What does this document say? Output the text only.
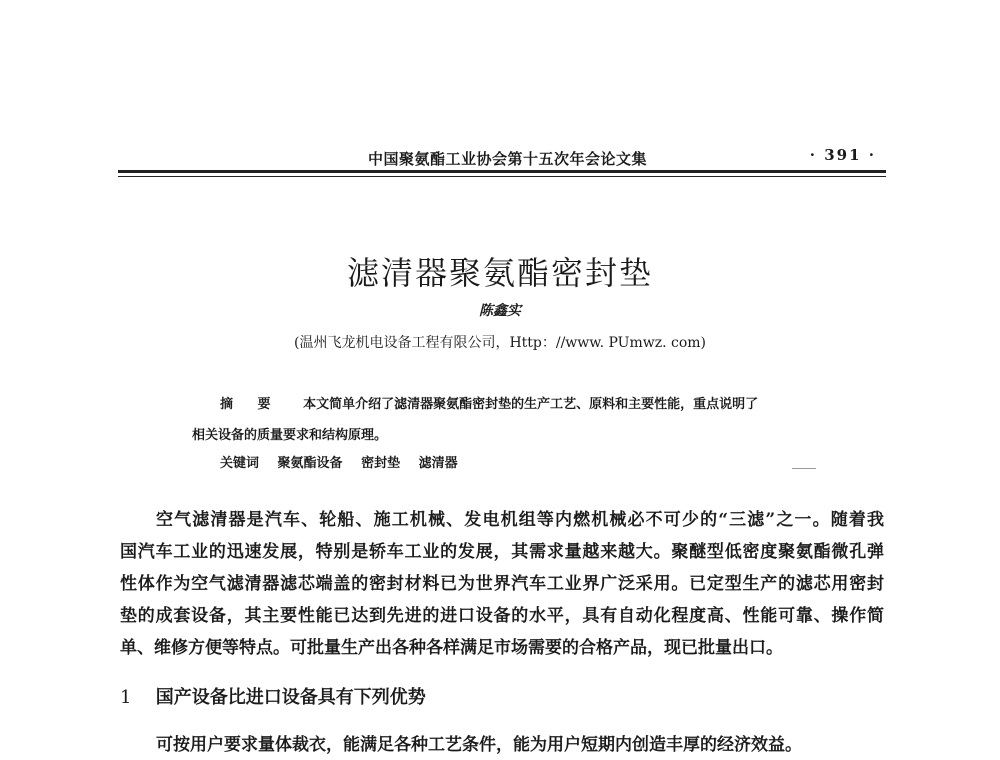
中国聚氨酯工业协会第十五次年会论文集	· 391 ·
滤清器聚氨酯密封垫
陈鑫实
(温州飞龙机电设备工程有限公司，Http：//www. PUmwz. com)
摘 要 本文简单介绍了滤清器聚氨酯密封垫的生产工艺、原料和主要性能，重点说明了
相关设备的质量要求和结构原理。
关键词 聚氨酯设备 密封垫 滤清器
空气滤清器是汽车、轮船、施工机械、发电机组等内燃机械必不可少的“三滤”之一。随着我
国汽车工业的迅速发展，特别是轿车工业的发展，其需求量越来越大。聚醚型低密度聚氨酯微孔弹
性体作为空气滤清器滤芯端盖的密封材料已为世界汽车工业界广泛采用。已定型生产的滤芯用密封
垫的成套设备，其主要性能已达到先进的进口设备的水平，具有自动化程度高、性能可靠、操作简
单、维修方便等特点。可批量生产出各种各样满足市场需要的合格产品，现已批量出口。
1 国产设备比进口设备具有下列优势
可按用户要求量体裁衣，能满足各种工艺条件，能为用户短期内创造丰厚的经济效益。
